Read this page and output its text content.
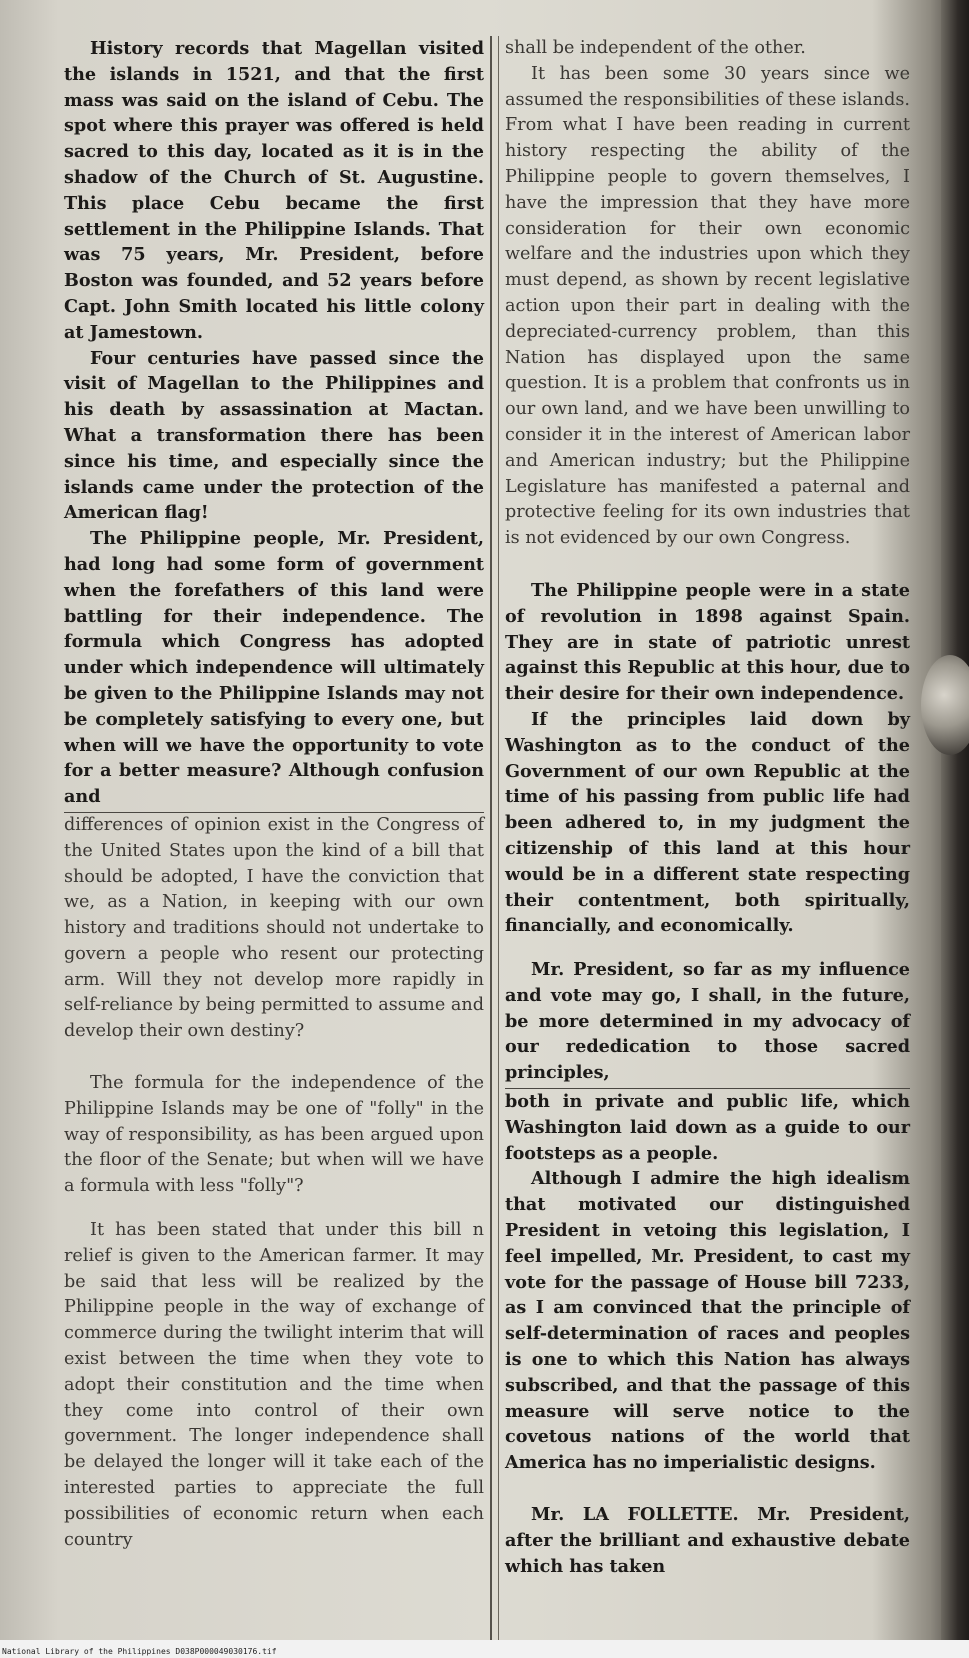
History records that Magellan visited the islands in 1521, and that the first mass was said on the island of Cebu. The spot where this prayer was offered is held sacred to this day, located as it is in the shadow of the Church of St. Augustine. This place Cebu became the first settlement in the Philippine Islands. That was 75 years, Mr. President, before Boston was founded, and 52 years before Capt. John Smith located his little colony at Jamestown.

Four centuries have passed since the visit of Magellan to the Philippines and his death by assassination at Mactan. What a transformation there has been since his time, and especially since the islands came under the protection of the American flag!

The Philippine people, Mr. President, had long had some form of government when the forefathers of this land were battling for their independence. The formula which Congress has adopted under which independence will ultimately be given to the Philippine Islands may not be completely satisfying to every one, but when will we have the opportunity to vote for a better measure? Although confusion and

differences of opinion exist in the Congress of the United States upon the kind of a bill that should be adopted, I have the conviction that we, as a Nation, in keeping with our own history and traditions should not undertake to govern a people who resent our protecting arm. Will they not develop more rapidly in self-reliance by being permitted to assume and develop their own destiny?

The formula for the independence of the Philippine Islands may be one of "folly" in the way of responsibility, as has been argued upon the floor of the Senate; but when will we have a formula with less "folly"?

It has been stated that under this bill n relief is given to the American farmer. It may be said that less will be realized by the Philippine people in the way of exchange of commerce during the twilight interim that will exist between the time when they vote to adopt their constitution and the time when they come into control of their own government. The longer independence shall be delayed the longer will it take each of the interested parties to appreciate the full possibilities of economic return when each country

shall be independent of the other.

It has been some 30 years since we assumed the responsibilities of these islands. From what I have been reading in current history respecting the ability of the Philippine people to govern themselves, I have the impression that they have more consideration for their own economic welfare and the industries upon which they must depend, as shown by recent legislative action upon their part in dealing with the depreciated-currency problem, than this Nation has displayed upon the same question. It is a problem that confronts us in our own land, and we have been unwilling to consider it in the interest of American labor and American industry; but the Philippine Legislature has manifested a paternal and protective feeling for its own industries that is not evidenced by our own Congress.

The Philippine people were in a state of revolution in 1898 against Spain. They are in state of patriotic unrest against this Republic at this hour, due to their desire for their own independence.

If the principles laid down by Washington as to the conduct of the Government of our own Republic at the time of his passing from public life had been adhered to, in my judgment the citizenship of this land at this hour would be in a different state respecting their contentment, both spiritually, financially, and economically.

Mr. President, so far as my influence and vote may go, I shall, in the future, be more determined in my advocacy of our rededication to those sacred principles,

both in private and public life, which Washington laid down as a guide to our footsteps as a people.

Although I admire the high idealism that motivated our distinguished President in vetoing this legislation, I feel impelled, Mr. President, to cast my vote for the passage of House bill 7233, as I am convinced that the principle of self-determination of races and peoples is one to which this Nation has always subscribed, and that the passage of this measure will serve notice to the covetous nations of the world that America has no imperialistic designs.

Mr. LA FOLLETTE. Mr. President, after the brilliant and exhaustive debate which has taken

National Library of the Philippines D038P000049030176.tif
